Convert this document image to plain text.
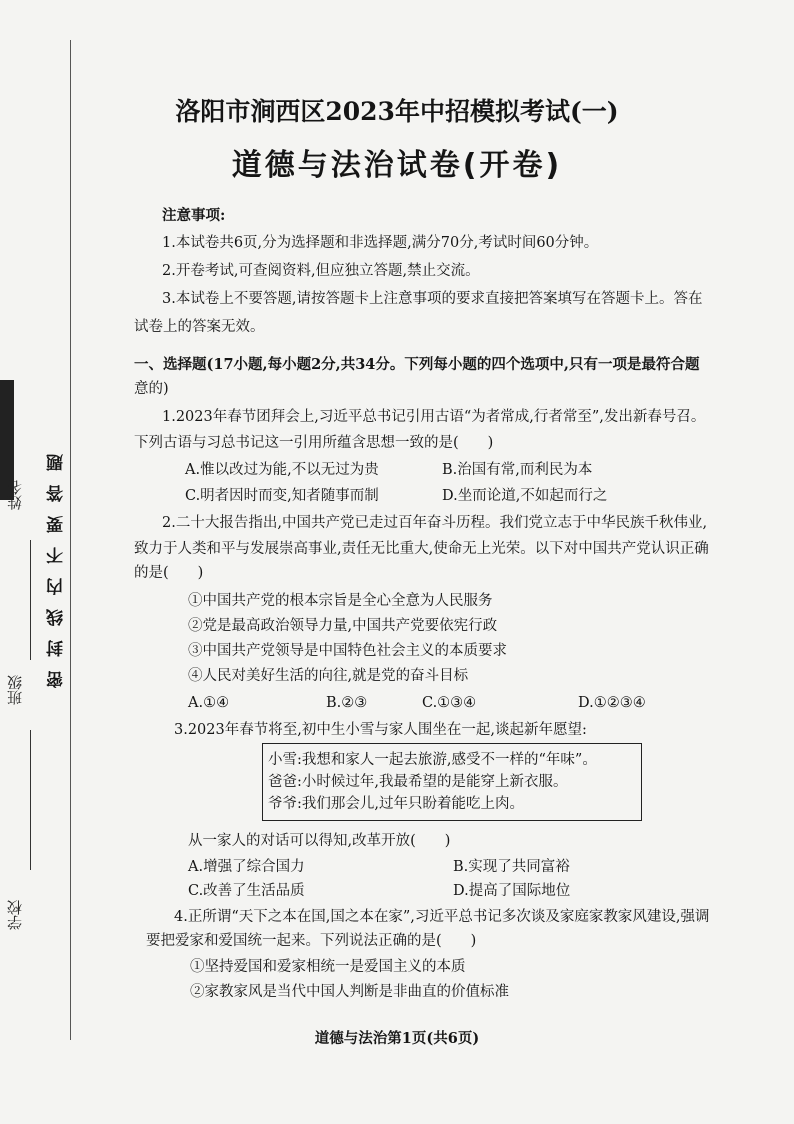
密封线内不要答题
姓名
班级
学校
洛阳市涧西区2023年中招模拟考试(一)
道德与法治试卷(开卷)
注意事项:
1.本试卷共6页,分为选择题和非选择题,满分70分,考试时间60分钟。
2.开卷考试,可查阅资料,但应独立答题,禁止交流。
3.本试卷上不要答题,请按答题卡上注意事项的要求直接把答案填写在答题卡上。答在
试卷上的答案无效。
一、选择题(17小题,每小题2分,共34分。下列每小题的四个选项中,只有一项是最符合题
意的)
1.2023年春节团拜会上,习近平总书记引用古语“为者常成,行者常至”,发出新春号召。
下列古语与习总书记这一引用所蕴含思想一致的是(　　)
A.惟以改过为能,不以无过为贵	B.治国有常,而利民为本
C.明者因时而变,知者随事而制	D.坐而论道,不如起而行之
2.二十大报告指出,中国共产党已走过百年奋斗历程。我们党立志于中华民族千秋伟业,
致力于人类和平与发展崇高事业,责任无比重大,使命无上光荣。以下对中国共产党认识正确
的是(　　)
①中国共产党的根本宗旨是全心全意为人民服务
②党是最高政治领导力量,中国共产党要依宪行政
③中国共产党领导是中国特色社会主义的本质要求
④人民对美好生活的向往,就是党的奋斗目标
A.①④	B.②③	C.①③④	D.①②③④
3.2023年春节将至,初中生小雪与家人围坐在一起,谈起新年愿望:
小雪:我想和家人一起去旅游,感受不一样的“年味”。
爸爸:小时候过年,我最希望的是能穿上新衣服。
爷爷:我们那会儿,过年只盼着能吃上肉。
从一家人的对话可以得知,改革开放(　　)
A.增强了综合国力	B.实现了共同富裕
C.改善了生活品质	D.提高了国际地位
4.正所谓“天下之本在国,国之本在家”,习近平总书记多次谈及家庭家教家风建设,强调
要把爱家和爱国统一起来。下列说法正确的是(　　)
①坚持爱国和爱家相统一是爱国主义的本质
②家教家风是当代中国人判断是非曲直的价值标准
道德与法治第1页(共6页)
